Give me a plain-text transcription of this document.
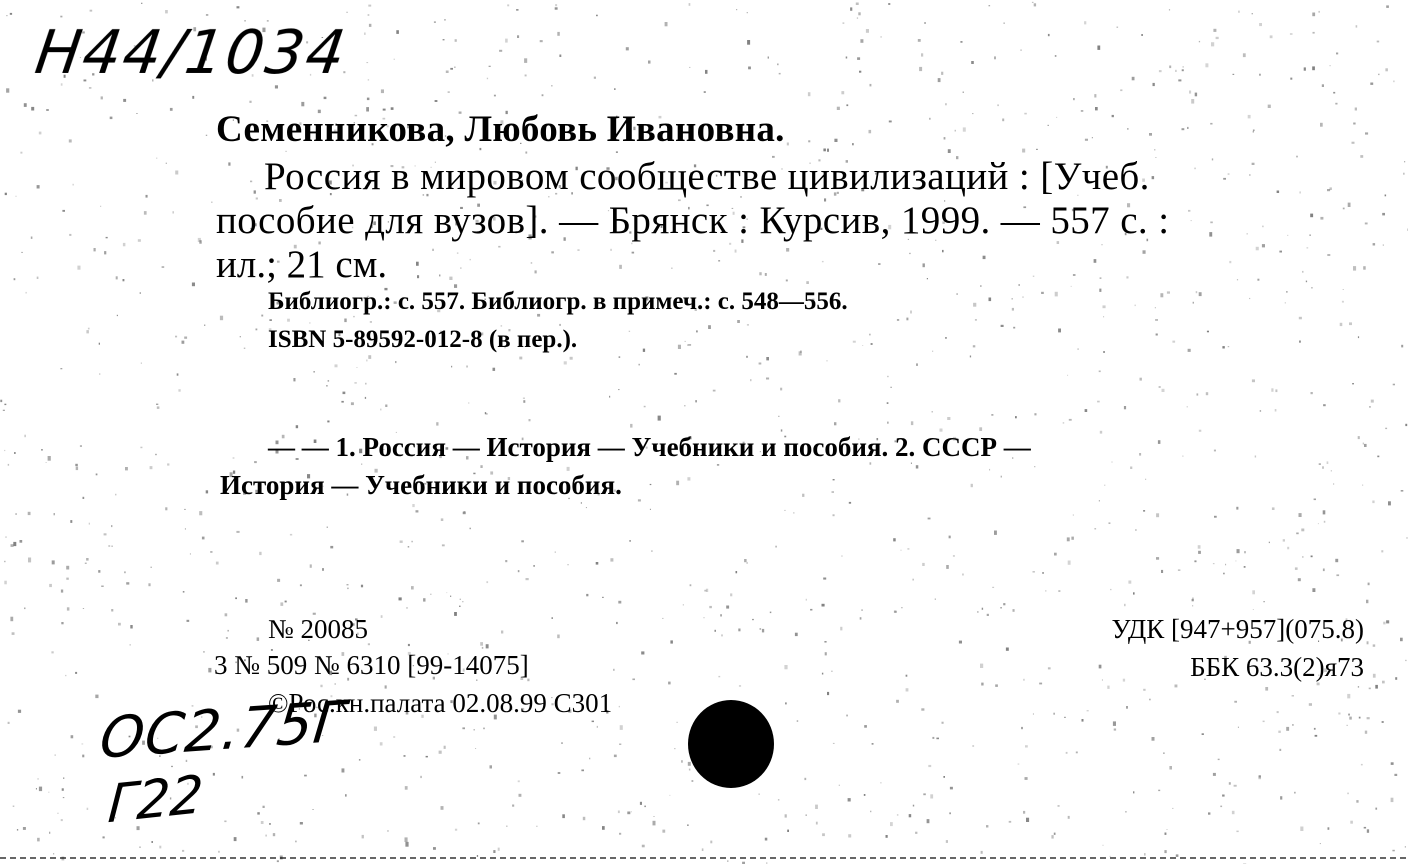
Н44/1034
Семенникова, Любовь Ивановна.
Россия в мировом сообществе цивилизаций : [Учеб.
пособие для вузов]. — Брянск : Курсив, 1999. — 557 с. :
ил.; 21 см.
Библиогр.: с. 557. Библиогр. в примеч.: с. 548—556.
ISBN 5-89592-012-8 (в пер.).
— — 1. Россия — История — Учебники и пособия. 2. СССР —
История — Учебники и пособия.
№ 20085
3 № 509 № 6310 [99-14075]
©Рос.кн.палата 02.08.99 С301
УДК [947+957](075.8)
ББК 63.3(2)я73
ОС2.75Г
Г22
